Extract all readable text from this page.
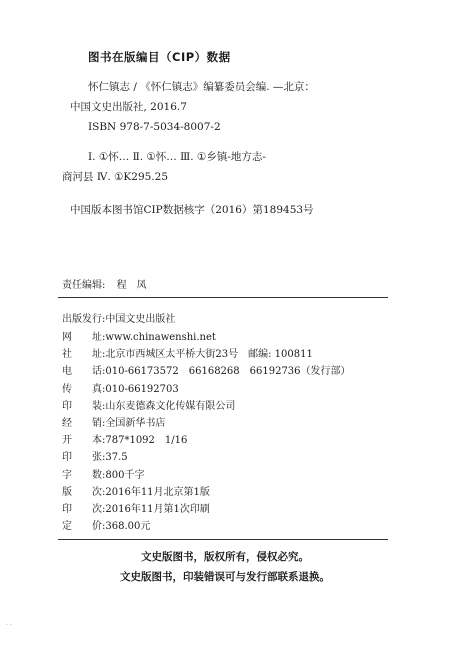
图书在版编目（CIP）数据
怀仁镇志 / 《怀仁镇志》编纂委员会编. —北京：
中国文史出版社, 2016.7
ISBN 978-7-5034-8007-2
Ⅰ. ①怀… Ⅱ. ①怀… Ⅲ. ①乡镇-地方志-
商河县 Ⅳ. ①K295.25
中国版本图书馆CIP数据核字（2016）第189453号
责任编辑: 程　凤
出版发行: 中国文史出版社
网　　址: www.chinawenshi.net
社　　址: 北京市西城区太平桥大街23号　邮编: 100811
电　　话: 010-66173572　66168268　66192736（发行部）
传　　真: 010-66192703
印　　装: 山东麦德森文化传媒有限公司
经　　销: 全国新华书店
开　　本: 787*1092　1/16
印　　张: 37.5
字　　数: 800千字
版　　次: 2016年11月北京第1版
印　　次: 2016年11月第1次印刷
定　　价: 368.00元
文史版图书，版权所有，侵权必究。
文史版图书，印装错误可与发行部联系退换。
· ·
